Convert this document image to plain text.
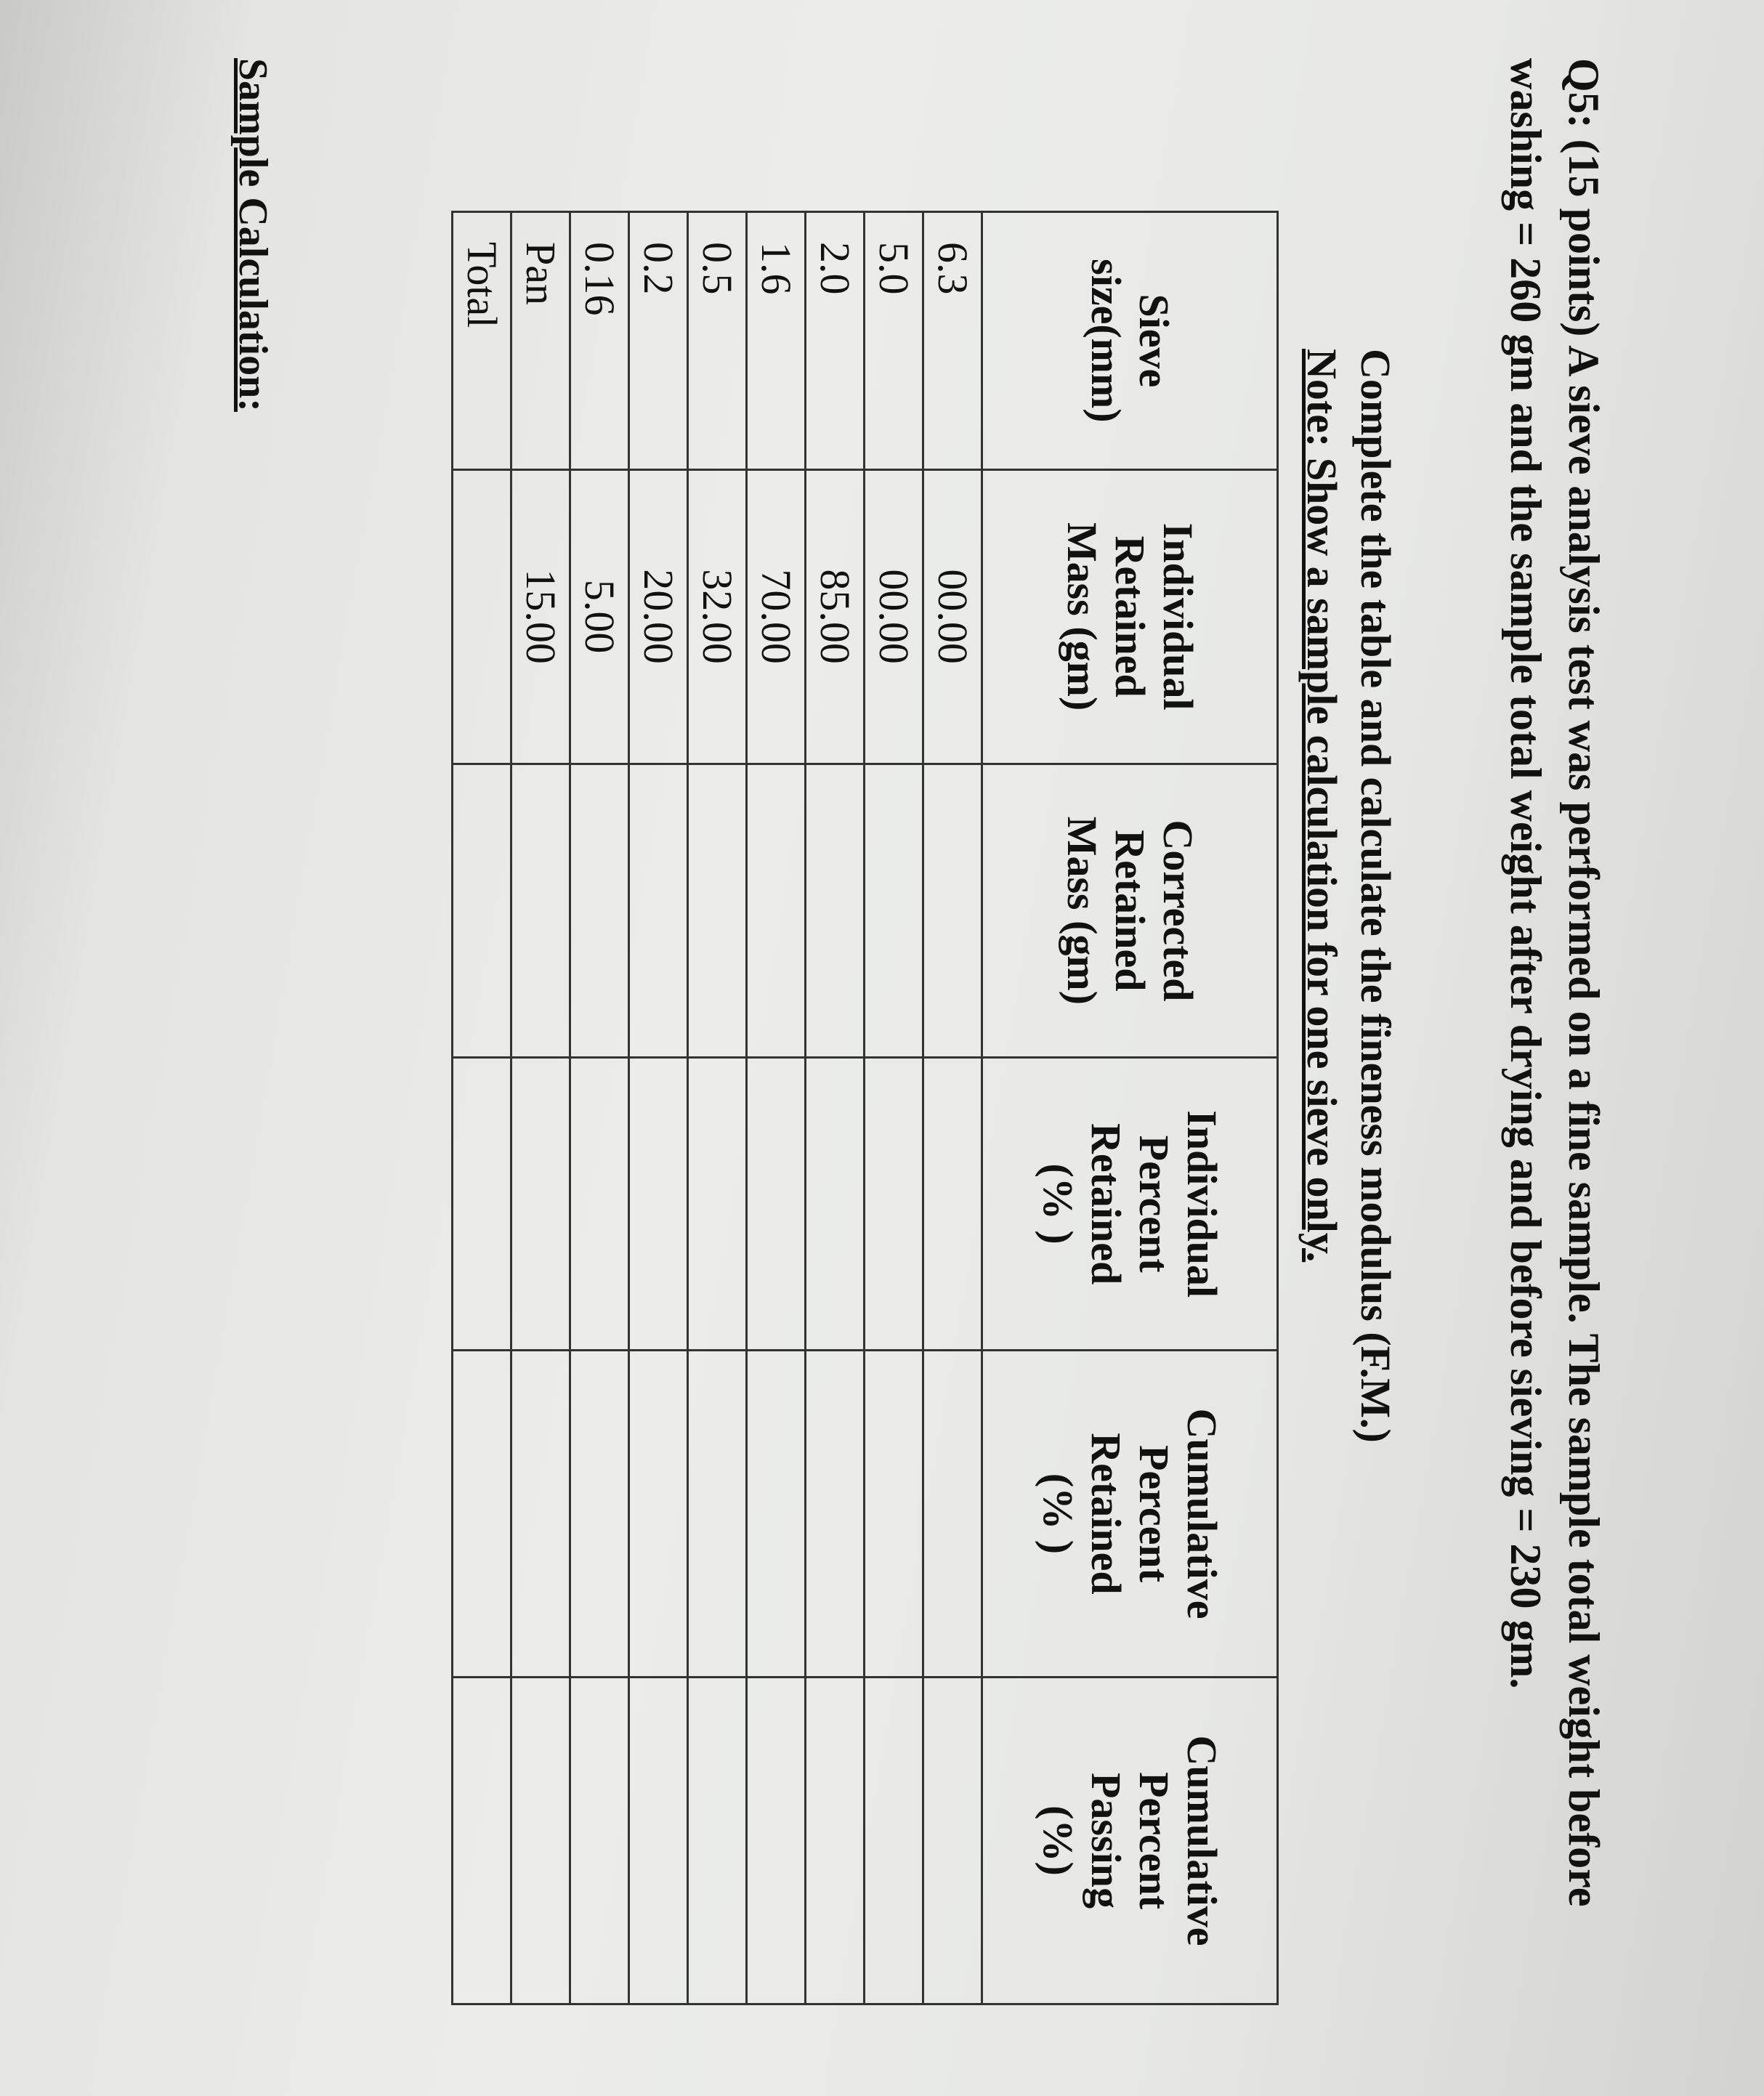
Q5: (15 points) A sieve analysis test was performed on a fine sample. The sample total weight before washing = 260 gm and the sample total weight after drying and before sieving = 230 gm.

Complete the table and calculate the fineness modulus (F.M.)
Note: Show a sample calculation for one sieve only.
Sieve
size(mm)	Individual
Retained
Mass (gm)	Corrected
Retained
Mass (gm)	Individual
Percent
Retained
(% )	Cumulative
Percent
Retained
(% )	Cumulative
Percent
Passing
(%)

6.3	00.00				
5.0	00.00				
2.0	85.00				
1.6	70.00				
0.5	32.00				
0.2	20.00				
0.16	5.00				
Pan	15.00				
Total					

Sample Calculation:
